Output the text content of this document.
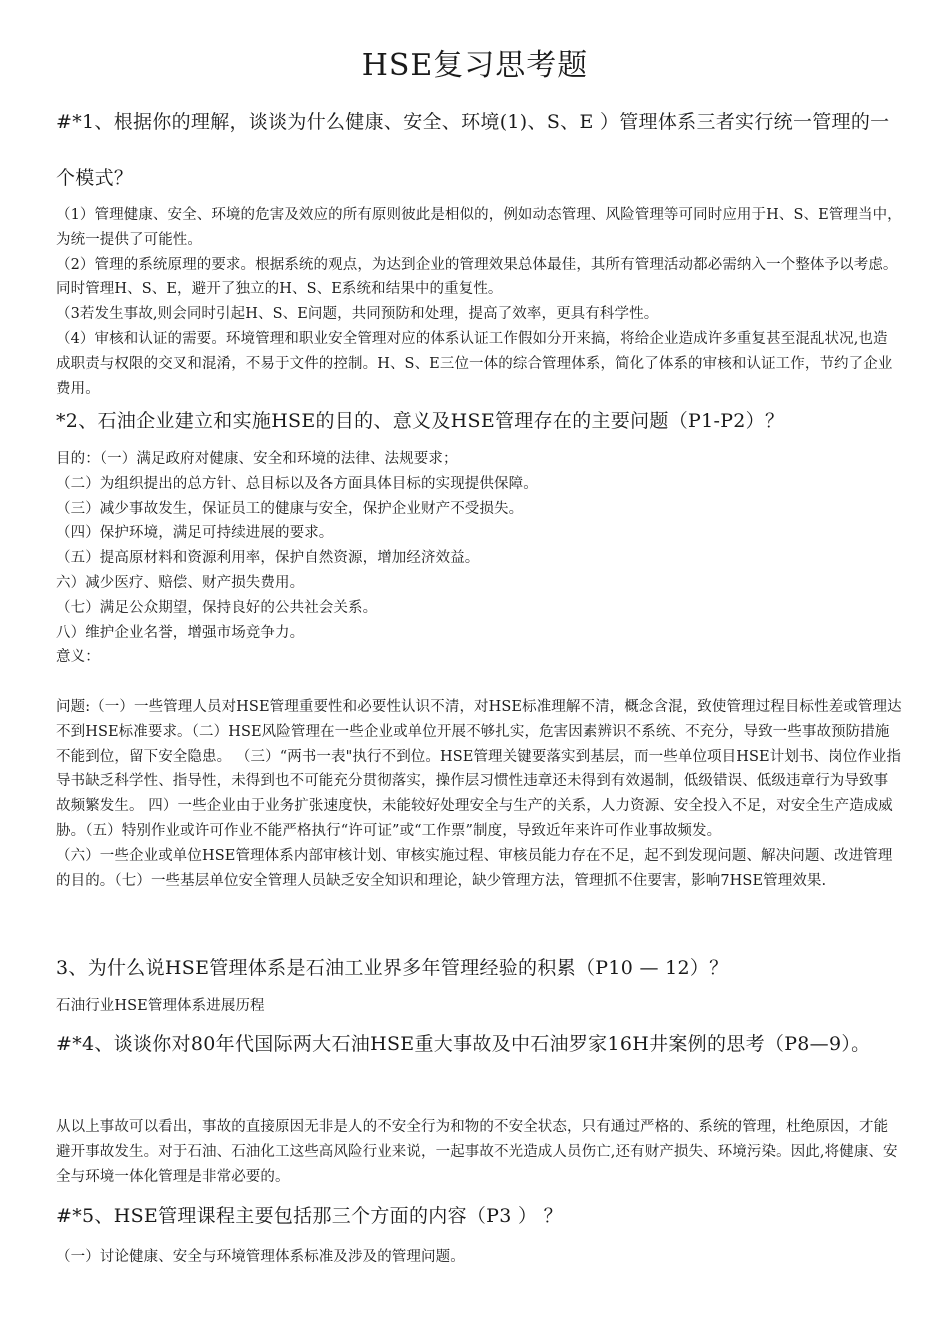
HSE复习思考题
#*1、根据你的理解，谈谈为什么健康、安全、环境(1)、S、E ）管理体系三者实行统一管理的一个模式？
（1）管理健康、安全、环境的危害及效应的所有原则彼此是相似的，例如动态管理、风险管理等可同时应用于H、S、E管理当中，为统一提供了可能性。
（2）管理的系统原理的要求。根据系统的观点，为达到企业的管理效果总体最佳，其所有管理活动都必需纳入一个整体予以考虑。同时管理H、S、E，避开了独立的H、S、E系统和结果中的重复性。
（3若发生事故,则会同时引起H、S、E问题，共同预防和处理，提高了效率，更具有科学性。
（4）审核和认证的需要。环境管理和职业安全管理对应的体系认证工作假如分开来搞，将给企业造成许多重复甚至混乱状况,也造成职责与权限的交叉和混淆，不易于文件的控制。H、S、E三位一体的综合管理体系，简化了体系的审核和认证工作，节约了企业费用。
*2、石油企业建立和实施HSE的目的、意义及HSE管理存在的主要问题（P1-P2）？
目的：（一）满足政府对健康、安全和环境的法律、法规要求；
（二）为组织提出的总方针、总目标以及各方面具体目标的实现提供保障。
（三）减少事故发生，保证员工的健康与安全，保护企业财产不受损失。
（四）保护环境，满足可持续进展的要求。
（五）提高原材料和资源利用率，保护自然资源，增加经济效益。
六）减少医疗、赔偿、财产损失费用。
（七）满足公众期望，保持良好的公共社会关系。
八）维护企业名誉，增强市场竞争力。
意义：
问题:（一）一些管理人员对HSE管理重要性和必要性认识不清，对HSE标准理解不清，概念含混，致使管理过程目标性差或管理达不到HSE标准要求。（二）HSE风险管理在一些企业或单位开展不够扎实，危害因素辨识不系统、不充分，导致一些事故预防措施不能到位，留下安全隐患。 （三）“两书一表"执行不到位。HSE管理关键要落实到基层，而一些单位项目HSE计划书、岗位作业指导书缺乏科学性、指导性，未得到也不可能充分贯彻落实，操作层习惯性违章还未得到有效遏制，低级错误、低级违章行为导致事故频繁发生。 四）一些企业由于业务扩张速度快，未能较好处理安全与生产的关系，人力资源、安全投入不足，对安全生产造成威胁。（五）特别作业或许可作业不能严格执行“许可证”或“工作票”制度，导致近年来许可作业事故频发。
（六）一些企业或单位HSE管理体系内部审核计划、审核实施过程、审核员能力存在不足，起不到发现问题、解决问题、改进管理的目的。（七）一些基层单位安全管理人员缺乏安全知识和理论，缺少管理方法，管理抓不住要害，影响7HSE管理效果.
3、为什么说HSE管理体系是石油工业界多年管理经验的积累（P10 — 12）？
石油行业HSE管理体系进展历程
#*4、谈谈你对80年代国际两大石油HSE重大事故及中石油罗家16H井案例的思考（P8—9）。
从以上事故可以看出，事故的直接原因无非是人的不安全行为和物的不安全状态，只有通过严格的、系统的管理，杜绝原因，才能避开事故发生。对于石油、石油化工这些高风险行业来说，一起事故不光造成人员伤亡,还有财产损失、环境污染。因此,将健康、安全与环境一体化管理是非常必要的。
#*5、HSE管理课程主要包括那三个方面的内容（P3 ） ？
（一）讨论健康、安全与环境管理体系标准及涉及的管理问题。
